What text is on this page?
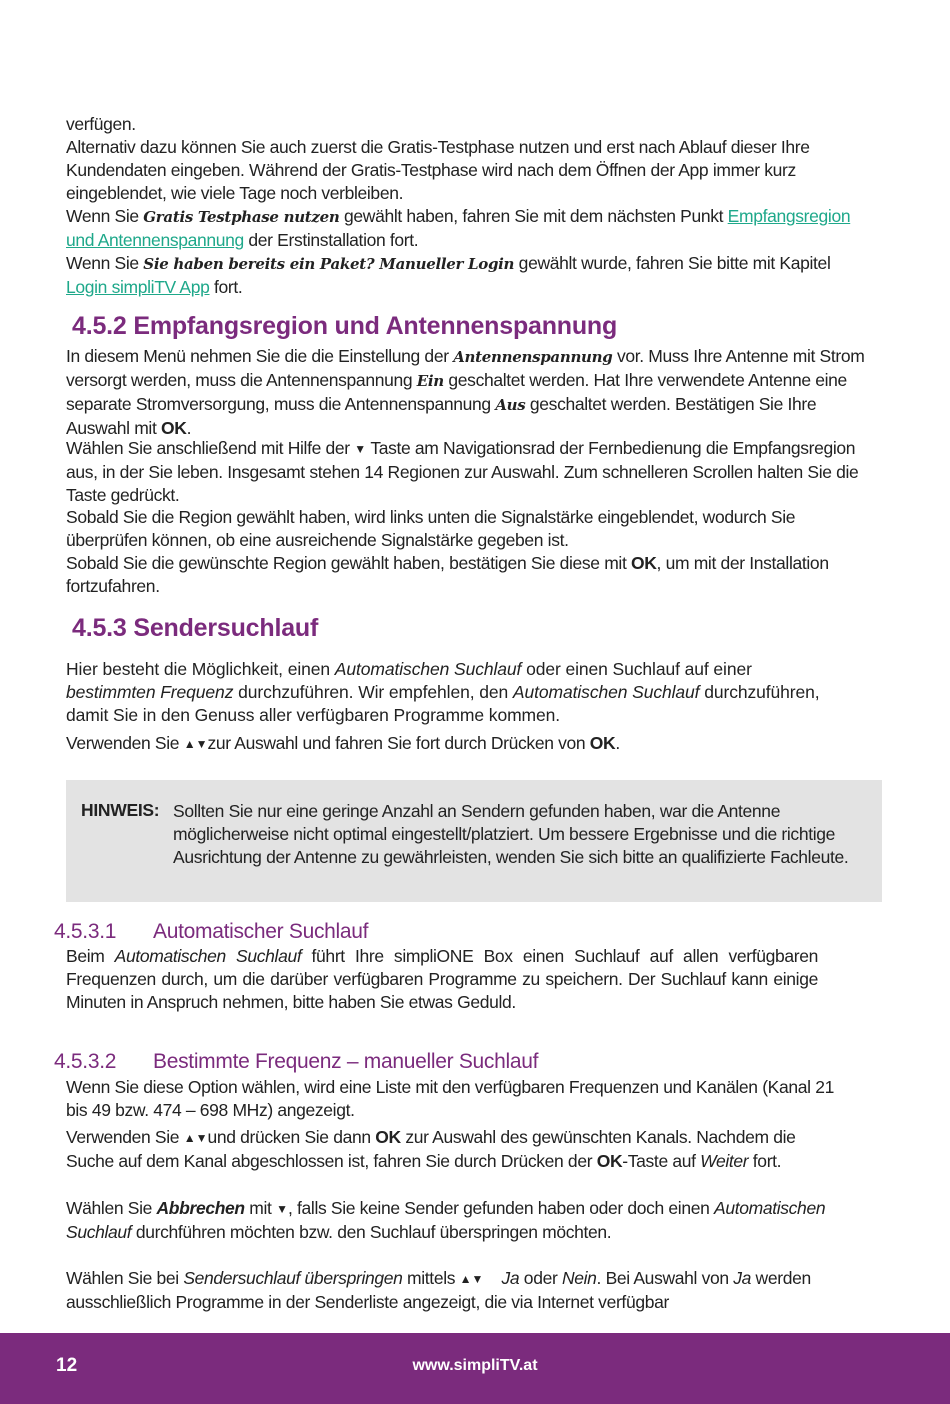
verfügen.

Alternativ dazu können Sie auch zuerst die Gratis-Testphase nutzen und erst nach Ablauf dieser Ihre Kundendaten eingeben. Während der Gratis-Testphase wird nach dem Öffnen der App immer kurz eingeblendet, wie viele Tage noch verbleiben.

Wenn Sie Gratis Testphase nutzen gewählt haben, fahren Sie mit dem nächsten Punkt Empfangsregion und Antennenspannung der Erstinstallation fort.

Wenn Sie Sie haben bereits ein Paket? Manueller Login gewählt wurde, fahren Sie bitte mit Kapitel Login simpliTV App fort.

4.5.2 Empfangsregion und Antennenspannung

In diesem Menü nehmen Sie die die Einstellung der Antennenspannung vor. Muss Ihre Antenne mit Strom versorgt werden, muss die Antennenspannung Ein geschaltet werden. Hat Ihre verwendete Antenne eine separate Stromversorgung, muss die Antennenspannung Aus geschaltet werden. Bestätigen Sie Ihre Auswahl mit OK.

Wählen Sie anschließend mit Hilfe der ▼ Taste am Navigationsrad der Fernbedienung die Empfangsregion aus, in der Sie leben. Insgesamt stehen 14 Regionen zur Auswahl. Zum schnelleren Scrollen halten Sie die Taste gedrückt.

Sobald Sie die Region gewählt haben, wird links unten die Signalstärke eingeblendet, wodurch Sie überprüfen können, ob eine ausreichende Signalstärke gegeben ist.

Sobald Sie die gewünschte Region gewählt haben, bestätigen Sie diese mit OK, um mit der Installation fortzufahren.

4.5.3 Sendersuchlauf

Hier besteht die Möglichkeit, einen Automatischen Suchlauf oder einen Suchlauf auf einer bestimmten Frequenz durchzuführen. Wir empfehlen, den Automatischen Suchlauf durchzuführen, damit Sie in den Genuss aller verfügbaren Programme kommen.

Verwenden Sie ▲▼zur Auswahl und fahren Sie fort durch Drücken von OK.

HINWEIS: Sollten Sie nur eine geringe Anzahl an Sendern gefunden haben, war die Antenne möglicherweise nicht optimal eingestellt/platziert. Um bessere Ergebnisse und die richtige Ausrichtung der Antenne zu gewährleisten, wenden Sie sich bitte an qualifizierte Fachleute.

4.5.3.1 Automatischer Suchlauf

Beim Automatischen Suchlauf führt Ihre simpliONE Box einen Suchlauf auf allen verfügbaren Frequenzen durch, um die darüber verfügbaren Programme zu speichern. Der Suchlauf kann einige Minuten in Anspruch nehmen, bitte haben Sie etwas Geduld.

4.5.3.2 Bestimmte Frequenz – manueller Suchlauf

Wenn Sie diese Option wählen, wird eine Liste mit den verfügbaren Frequenzen und Kanälen (Kanal 21 bis 49 bzw. 474 – 698 MHz) angezeigt.

Verwenden Sie ▲▼und drücken Sie dann OK zur Auswahl des gewünschten Kanals. Nachdem die Suche auf dem Kanal abgeschlossen ist, fahren Sie durch Drücken der OK-Taste auf Weiter fort.

Wählen Sie Abbrechen mit ▼, falls Sie keine Sender gefunden haben oder doch einen Automatischen Suchlauf durchführen möchten bzw. den Suchlauf überspringen möchten.

Wählen Sie bei Sendersuchlauf überspringen mittels ▲▼ Ja oder Nein. Bei Auswahl von Ja werden ausschließlich Programme in der Senderliste angezeigt, die via Internet verfügbar

12	www.simpliTV.at
